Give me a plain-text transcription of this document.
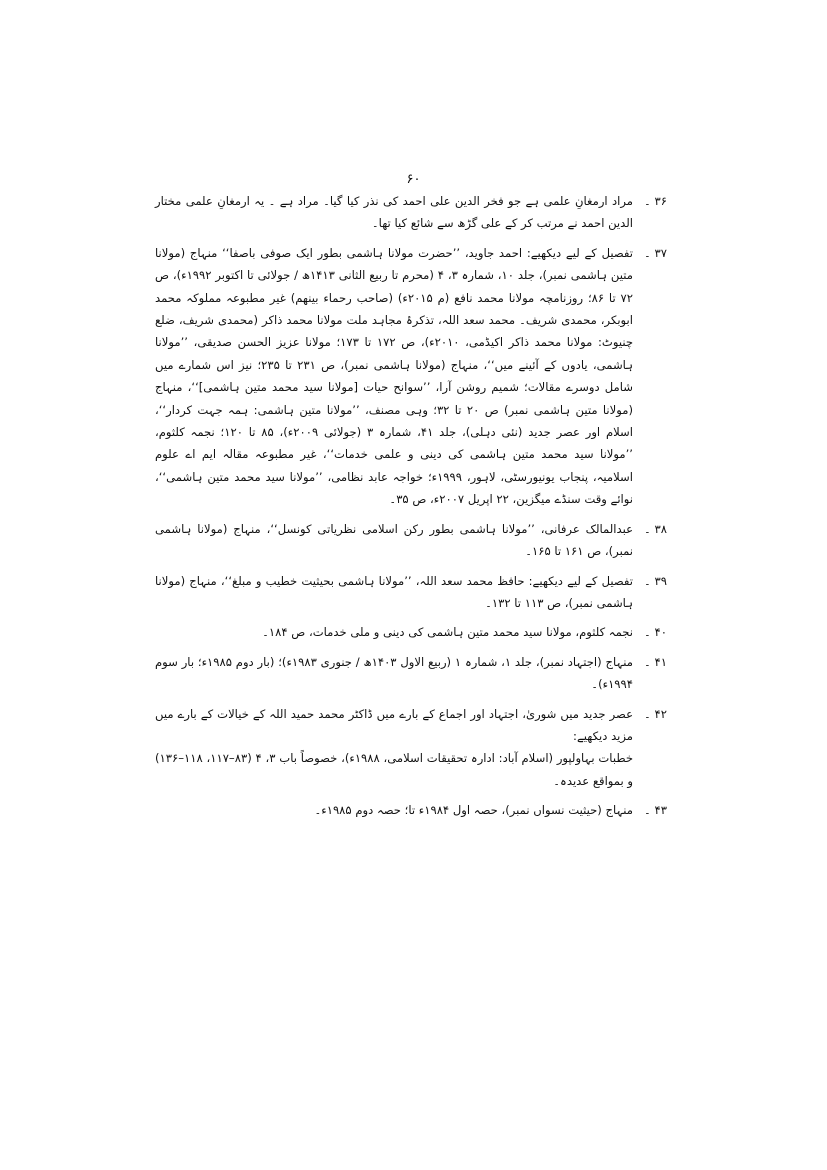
۶۰
۳۶ ۔

مراد ارمغانِ علمی ہے جو فخر الدین علی احمد کی نذر کیا گیا۔ مراد ہے ۔ یہ ارمغانِ علمی مختار الدین احمد نے مرتب کر کے علی گڑھ سے شائع کیا تھا۔

۳۷ ۔

تفصیل کے لیے دیکھیے: احمد جاوید، ’’حضرت مولانا ہاشمی بطور ایک صوفی باصفا‘‘ منہاج (مولانا متین ہاشمی نمبر)، جلد ۱۰، شمارہ ۳، ۴ (محرم تا ربیع الثانی ۱۴۱۳ھ / جولائی تا اکتوبر ۱۹۹۲ء)، ص ۷۲ تا ۸۶؛ روزنامچہ مولانا محمد نافع (م ۲۰۱۵ء) (صاحب رحماء بینھم) غیر مطبوعہ مملوکہ محمد ابوبکر، محمدی شریف۔ محمد سعد اللہ، تذکرۂ مجاہد ملت مولانا محمد ذاکر (محمدی شریف، ضلع چنیوٹ: مولانا محمد ذاکر اکیڈمی، ۲۰۱۰ء)، ص ۱۷۲ تا ۱۷۳؛ مولانا عزیز الحسن صدیقی، ’’مولانا ہاشمی، یادوں کے آئینے میں‘‘، منہاج (مولانا ہاشمی نمبر)، ص ۲۳۱ تا ۲۳۵؛ نیز اس شمارے میں شامل دوسرے مقالات؛ شمیم روشن آرا، ’’سوانح حیات [مولانا سید محمد متین ہاشمی]‘‘، منہاج (مولانا متین ہاشمی نمبر) ص ۲۰ تا ۳۲؛ وہی مصنف، ’’مولانا متین ہاشمی: ہمہ جہت کردار‘‘، اسلام اور عصر جدید (نئی دہلی)، جلد ۴۱، شمارہ ۳ (جولائی ۲۰۰۹ء)، ۸۵ تا ۱۲۰؛ نجمہ کلثوم، ’’مولانا سید محمد متین ہاشمی کی دینی و علمی خدمات‘‘، غیر مطبوعہ مقالہ ایم اے علوم اسلامیہ، پنجاب یونیورسٹی، لاہور، ۱۹۹۹ء؛ خواجہ عابد نظامی، ’’مولانا سید محمد متین ہاشمی‘‘، نوائے وقت سنڈے میگزین، ۲۲ اپریل ۲۰۰۷ء، ص ۳۵۔

۳۸ ۔

عبدالمالک عرفانی، ’’مولانا ہاشمی بطور رکن اسلامی نظریاتی کونسل‘‘، منہاج (مولانا ہاشمی نمبر)، ص ۱۶۱ تا ۱۶۵۔

۳۹ ۔

تفصیل کے لیے دیکھیے: حافظ محمد سعد اللہ، ’’مولانا ہاشمی بحیثیت خطیب و مبلغ‘‘، منہاج (مولانا ہاشمی نمبر)، ص ۱۱۳ تا ۱۳۲۔

۴۰ ۔

نجمہ کلثوم، مولانا سید محمد متین ہاشمی کی دینی و ملی خدمات، ص ۱۸۴۔

۴۱ ۔

منہاج (اجتہاد نمبر)، جلد ۱، شمارہ ۱ (ربیع الاول ۱۴۰۳ھ / جنوری ۱۹۸۳ء)؛ (بار دوم ۱۹۸۵ء؛ بار سوم ۱۹۹۴ء)۔

۴۲ ۔

عصر جدید میں شوریٰ، اجتہاد اور اجماع کے بارے میں ڈاکٹر محمد حمید اللہ کے خیالات کے بارے میں مزید دیکھیے:

خطبات بہاولپور (اسلام آباد: ادارہ تحقیقات اسلامی، ۱۹۸۸ء)، خصوصاً باب ۳، ۴ (۸۳–۱۱۷، ۱۱۸–۱۳۶) و بمواقع عدیدہ۔

۴۳ ۔

منہاج (حیثیت نسواں نمبر)، حصہ اول ۱۹۸۴ء تا؛ حصہ دوم ۱۹۸۵ء۔
